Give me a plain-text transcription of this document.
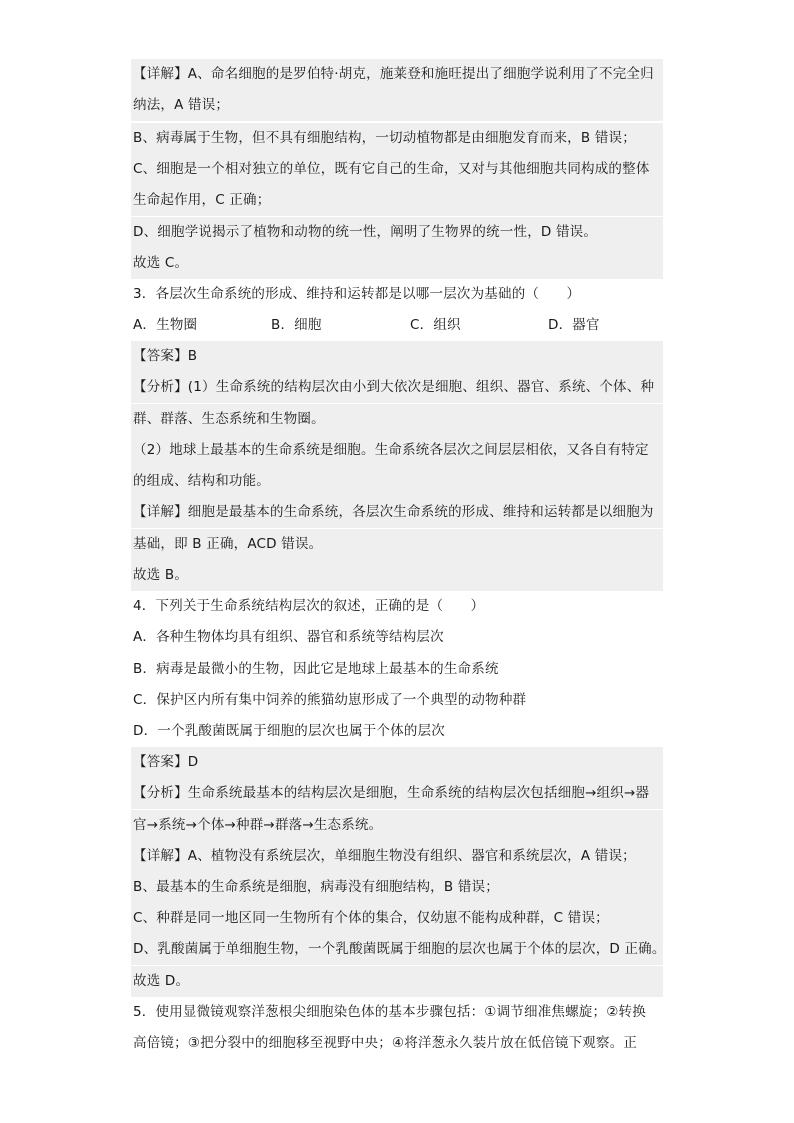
【详解】A、命名细胞的是罗伯特·胡克，施莱登和施旺提出了细胞学说利用了不完全归
纳法，A 错误；
B、病毒属于生物，但不具有细胞结构，一切动植物都是由细胞发育而来，B 错误；
C、细胞是一个相对独立的单位，既有它自己的生命，又对与其他细胞共同构成的整体
生命起作用，C 正确；
D、细胞学说揭示了植物和动物的统一性，阐明了生物界的统一性，D 错误。
故选 C。
3．各层次生命系统的形成、维持和运转都是以哪一层次为基础的（　　）
A．生物圈	B．细胞	C．组织	D．器官
【答案】B
【分析】(1）生命系统的结构层次由小到大依次是细胞、组织、器官、系统、个体、种
群、群落、生态系统和生物圈。
（2）地球上最基本的生命系统是细胞。生命系统各层次之间层层相依，又各自有特定
的组成、结构和功能。
【详解】细胞是最基本的生命系统，各层次生命系统的形成、维持和运转都是以细胞为
基础，即 B 正确，ACD 错误。
故选 B。
4．下列关于生命系统结构层次的叙述，正确的是（　　）
A．各种生物体均具有组织、器官和系统等结构层次
B．病毒是最微小的生物，因此它是地球上最基本的生命系统
C．保护区内所有集中饲养的熊猫幼崽形成了一个典型的动物种群
D．一个乳酸菌既属于细胞的层次也属于个体的层次
【答案】D
【分析】生命系统最基本的结构层次是细胞，生命系统的结构层次包括细胞→组织→器
官→系统→个体→种群→群落→生态系统。
【详解】A、植物没有系统层次，单细胞生物没有组织、器官和系统层次，A 错误；
B、最基本的生命系统是细胞，病毒没有细胞结构，B 错误；
C、种群是同一地区同一生物所有个体的集合，仅幼崽不能构成种群，C 错误；
D、乳酸菌属于单细胞生物，一个乳酸菌既属于细胞的层次也属于个体的层次，D 正确。
故选 D。
5．使用显微镜观察洋葱根尖细胞染色体的基本步骤包括：①调节细准焦螺旋；②转换
高倍镜；③把分裂中的细胞移至视野中央；④将洋葱永久装片放在低倍镜下观察。正
